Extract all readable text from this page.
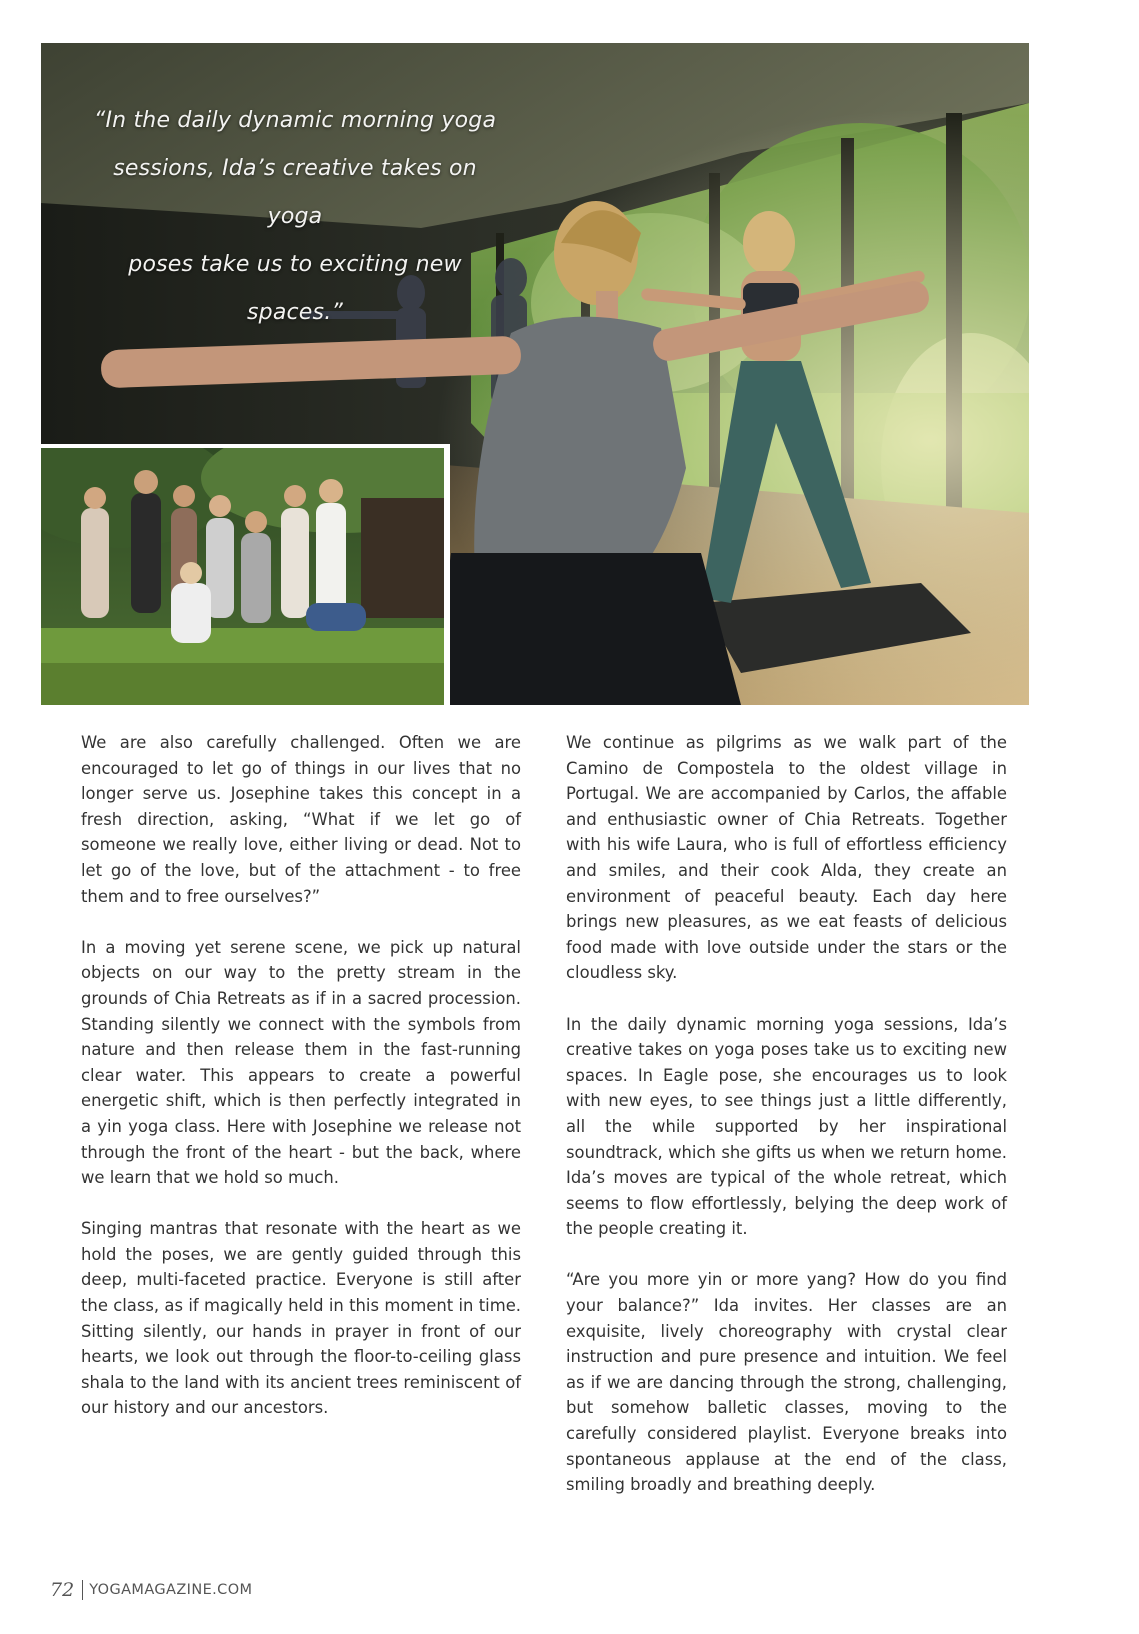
“In the daily dynamic morning yoga
sessions, Ida’s creative takes on yoga
poses take us to exciting new spaces.”

We are also carefully challenged. Often we are encouraged to let go of things in our lives that no longer serve us. Josephine takes this concept in a fresh direction, asking, “What if we let go of someone we really love, either living or dead. Not to let go of the love, but of the attachment - to free them and to free ourselves?”

In a moving yet serene scene, we pick up natural objects on our way to the pretty stream in the grounds of Chia Retreats as if in a sacred procession. Standing silently we connect with the symbols from nature and then release them in the fast-running clear water. This appears to create a powerful energetic shift, which is then perfectly integrated in a yin yoga class. Here with Josephine we release not through the front of the heart - but the back, where we learn that we hold so much.

Singing mantras that resonate with the heart as we hold the poses, we are gently guided through this deep, multi-faceted practice. Everyone is still after the class, as if magically held in this moment in time. Sitting silently, our hands in prayer in front of our hearts, we look out through the floor-to-ceiling glass shala to the land with its ancient trees reminiscent of our history and our ancestors.

We continue as pilgrims as we walk part of the Camino de Compostela to the oldest village in Portugal. We are accompanied by Carlos, the affable and enthusiastic owner of Chia Retreats. Together with his wife Laura, who is full of effortless efficiency and smiles, and their cook Alda, they create an environment of peaceful beauty. Each day here brings new pleasures, as we eat feasts of delicious food made with love outside under the stars or the cloudless sky.

In the daily dynamic morning yoga sessions, Ida’s creative takes on yoga poses take us to exciting new spaces. In Eagle pose, she encourages us to look with new eyes, to see things just a little differently, all the while supported by her inspirational soundtrack, which she gifts us when we return home. Ida’s moves are typical of the whole retreat, which seems to flow effortlessly, belying the deep work of the people creating it.

“Are you more yin or more yang? How do you find your balance?” Ida invites. Her classes are an exquisite, lively choreography with crystal clear instruction and pure presence and intuition. We feel as if we are dancing through the strong, challenging, but somehow balletic classes, moving to the carefully considered playlist. Everyone breaks into spontaneous applause at the end of the class, smiling broadly and breathing deeply.

72 YOGAMAGAZINE.COM
